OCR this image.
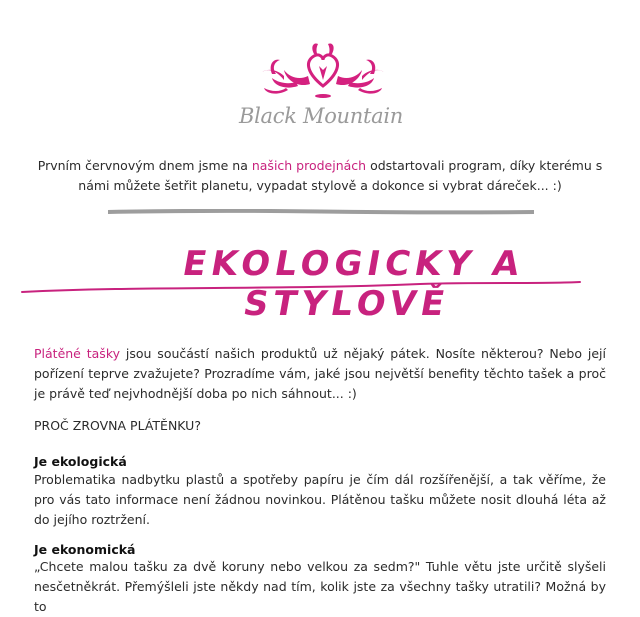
Black Mountain
Prvním červnovým dnem jsme na našich prodejnách odstartovali program, díky kterému s námi můžete šetřit planetu, vypadat stylově a dokonce si vybrat dáreček... :)
EKOLOGICKY A STYLOVĚ
Plátěné tašky jsou součástí našich produktů už nějaký pátek. Nosíte některou? Nebo její pořízení teprve zvažujete? Prozradíme vám, jaké jsou největší benefity těchto tašek a proč je právě teď nejvhodnější doba po nich sáhnout... :)
PROČ ZROVNA PLÁTĚNKU?
Je ekologická
Problematika nadbytku plastů a spotřeby papíru je čím dál rozšířenější, a tak věříme, že pro vás tato informace není žádnou novinkou. Plátěnou tašku můžete nosit dlouhá léta až do jejího roztržení.
Je ekonomická
„Chcete malou tašku za dvě koruny nebo velkou za sedm?" Tuhle větu jste určitě slyšeli nesčetněkrát. Přemýšleli jste někdy nad tím, kolik jste za všechny tašky utratili? Možná by to
